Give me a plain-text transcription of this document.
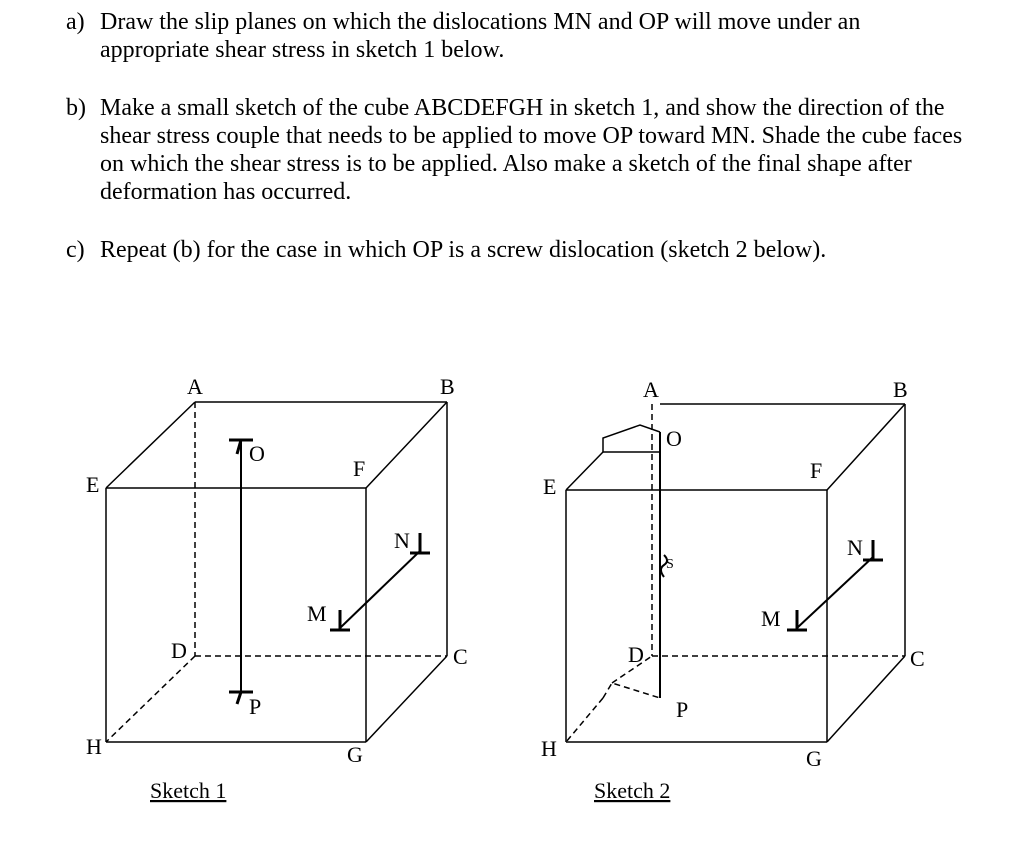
a) Draw the slip planes on which the dislocations MN and OP will move under an
appropriate shear stress in sketch 1 below.
b) Make a small sketch of the cube ABCDEFGH in sketch 1, and show the direction of the
shear stress couple that needs to be applied to move OP toward MN. Shade the cube faces
on which the shear stress is to be applied. Also make a sketch of the final shape after
deformation has occurred.
c) Repeat (b) for the case in which OP is a screw dislocation (sketch 2 below).
A	B
C
D
E
F
G
H
O
P
M
N
Sketch 1
A	B
C
D
E
F
G
H
O
P
M
N
S
Sketch 2
